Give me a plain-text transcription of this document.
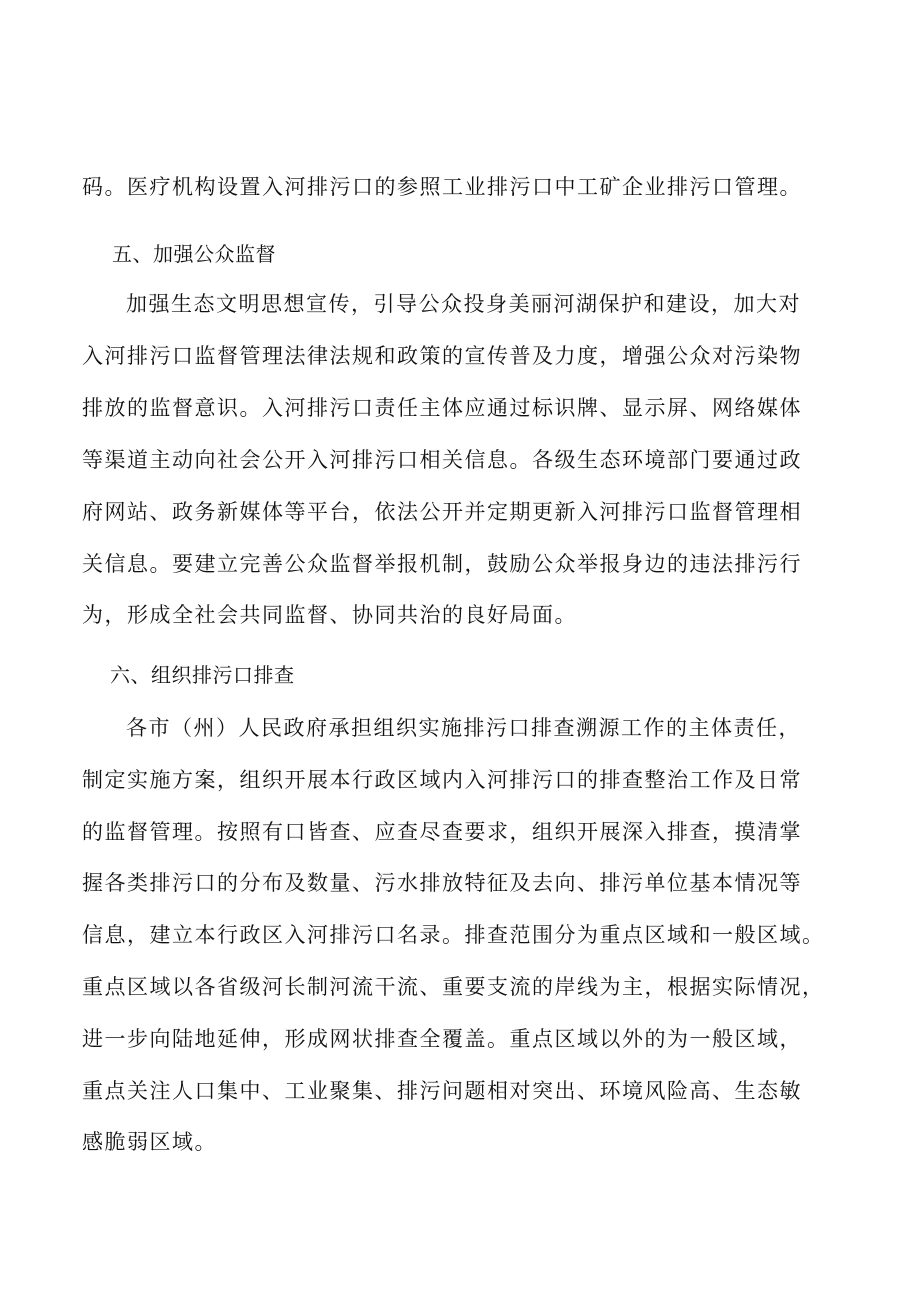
码。医疗机构设置入河排污口的参照工业排污口中工矿企业排污口管理。
五、加强公众监督
加强生态文明思想宣传，引导公众投身美丽河湖保护和建设，加大对
入河排污口监督管理法律法规和政策的宣传普及力度，增强公众对污染物
排放的监督意识。入河排污口责任主体应通过标识牌、显示屏、网络媒体
等渠道主动向社会公开入河排污口相关信息。各级生态环境部门要通过政
府网站、政务新媒体等平台，依法公开并定期更新入河排污口监督管理相
关信息。要建立完善公众监督举报机制，鼓励公众举报身边的违法排污行
为，形成全社会共同监督、协同共治的良好局面。
六、组织排污口排查
各市（州）人民政府承担组织实施排污口排查溯源工作的主体责任，
制定实施方案，组织开展本行政区域内入河排污口的排查整治工作及日常
的监督管理。按照有口皆查、应查尽查要求，组织开展深入排查，摸清掌
握各类排污口的分布及数量、污水排放特征及去向、排污单位基本情况等
信息，建立本行政区入河排污口名录。排查范围分为重点区域和一般区域。
重点区域以各省级河长制河流干流、重要支流的岸线为主，根据实际情况，
进一步向陆地延伸，形成网状排查全覆盖。重点区域以外的为一般区域，
重点关注人口集中、工业聚集、排污问题相对突出、环境风险高、生态敏
感脆弱区域。
